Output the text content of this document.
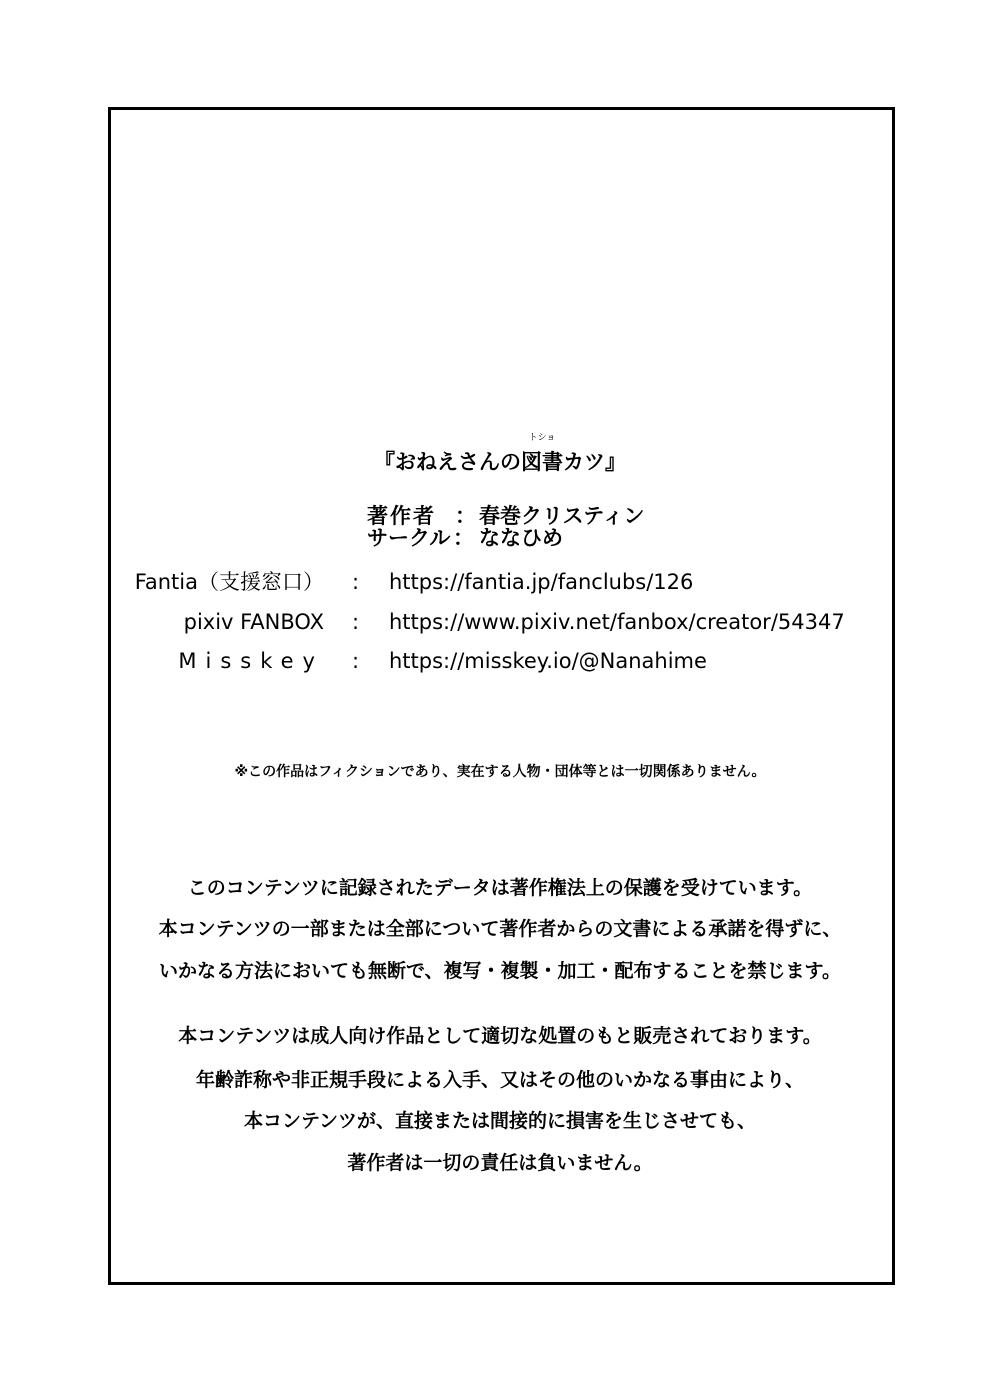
『おねえさんの
トショ
図書カツ』
著作者 ： 春巻クリスティン
サークル ： ななひめ
Fantia（支援窓口） : https://fantia.jp/fanclubs/126
pixiv FANBOX : https://www.pixiv.net/fanbox/creator/54347
Misskey : https://misskey.io/@Nanahime
※この作品はフィクションであり、実在する人物・団体等とは一切関係ありません。
このコンテンツに記録されたデータは著作権法上の保護を受けています。
本コンテンツの一部または全部について著作者からの文書による承諾を得ずに、
いかなる方法においても無断で、複写・複製・加工・配布することを禁じます。
本コンテンツは成人向け作品として適切な処置のもと販売されております。
年齢詐称や非正規手段による入手、又はその他のいかなる事由により、
本コンテンツが、直接または間接的に損害を生じさせても、
著作者は一切の責任は負いません。
